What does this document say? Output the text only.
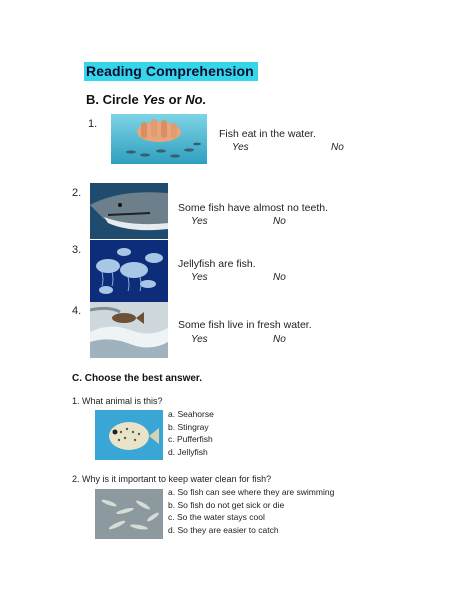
Reading Comprehension
B. Circle Yes or No.
1.
Fish eat in the water.
Yes	No
2.
Some fish have almost no teeth.
Yes	No
3.
Jellyfish are fish.
Yes	No
4.
Some fish live in fresh water.
Yes	No
C. Choose the best answer.
1. What animal is this?
a. Seahorse
b. Stingray
c. Pufferfish
d. Jellyfish
2. Why is it important to keep water clean for fish?
a. So fish can see where they are swimming
b. So fish do not get sick or die
c. So the water stays cool
d. So they are easier to catch
